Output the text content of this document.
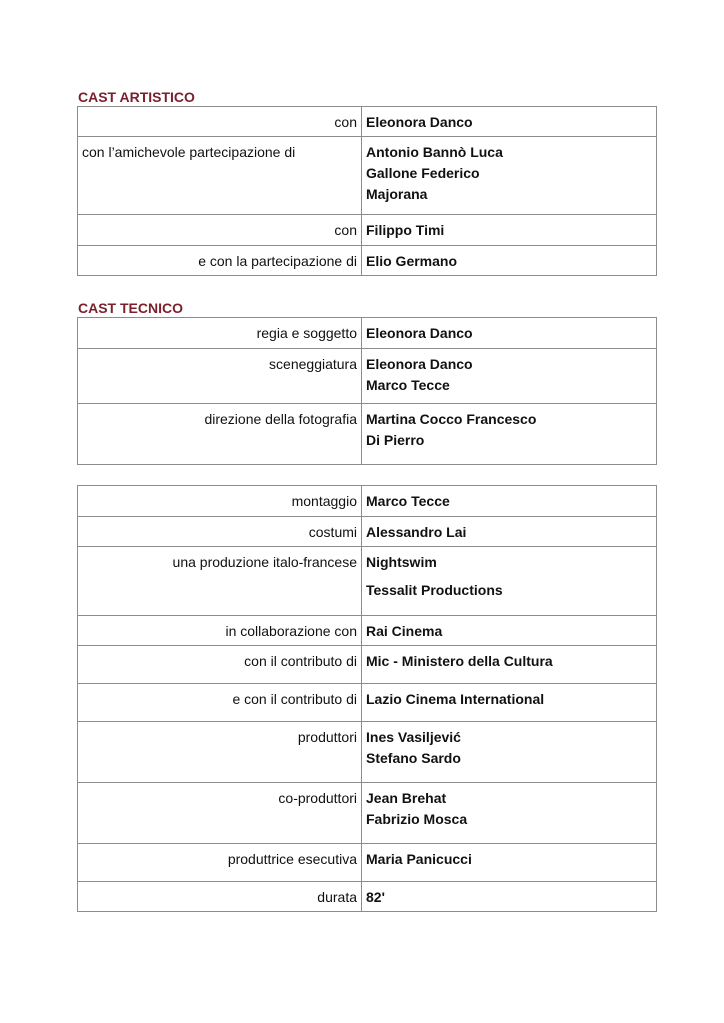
CAST ARTISTICO
con	Eleonora Danco

con l’amichevole partecipazione di	Antonio Bannò Luca
Gallone Federico
Majorana

con	Filippo Timi

e con la partecipazione di	Elio Germano
CAST TECNICO
regia e soggetto	Eleonora Danco

sceneggiatura	Eleonora Danco
Marco Tecce

direzione della fotografia	Martina Cocco Francesco
Di Pierro
montaggio	Marco Tecce

costumi	Alessandro Lai

una produzione italo-francese	Nightswim
Tessalit Productions

in collaborazione con	Rai Cinema

con il contributo di	Mic - Ministero della Cultura

e con il contributo di	Lazio Cinema International

produttori	Ines Vasiljević
Stefano Sardo

co-produttori	Jean Brehat
Fabrizio Mosca

produttrice esecutiva	Maria Panicucci

durata	82'
